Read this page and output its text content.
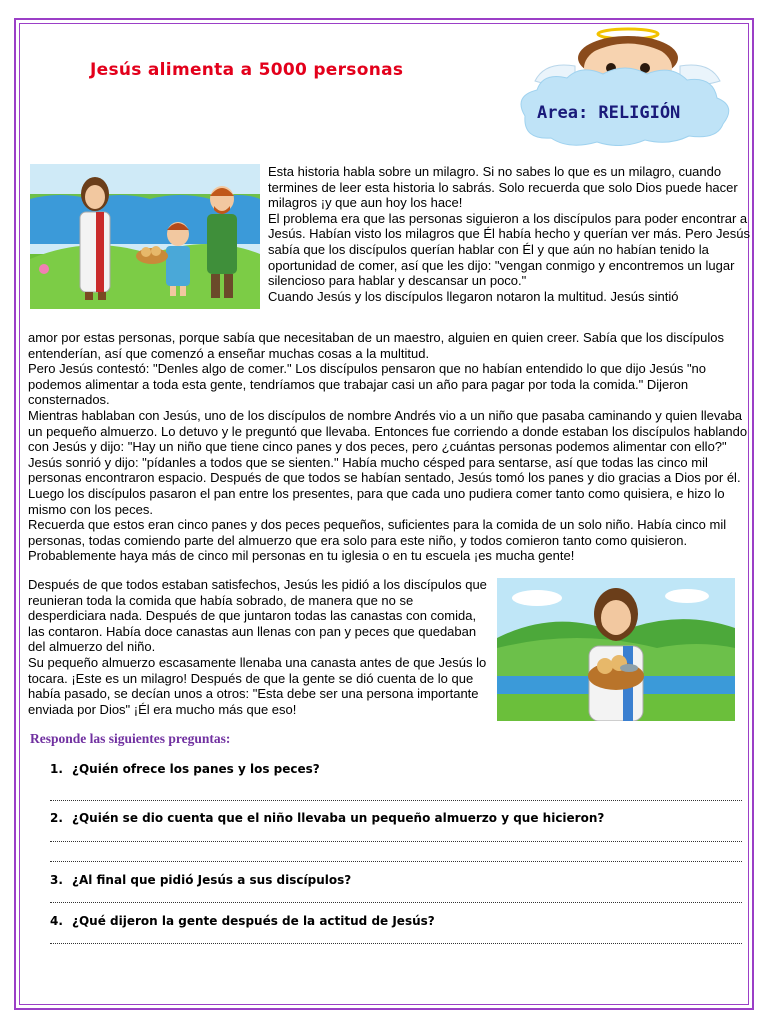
Jesús alimenta a 5000 personas
Area: RELIGIÓN

Esta historia habla sobre un milagro. Si no sabes lo que es un milagro, cuando termines de leer esta historia lo sabrás. Solo recuerda que solo Dios puede hacer milagros ¡y que aun hoy los hace!

El problema era que las personas siguieron a los discípulos para poder encontrar a Jesús. Habían visto los milagros que Él había hecho y querían ver más. Pero Jesús sabía que los discípulos querían hablar con Él y que aún no habían tenido la oportunidad de comer, así que les dijo: "vengan conmigo y encontremos un lugar silencioso para hablar y descansar un poco."

Cuando Jesús y los discípulos llegaron notaron la multitud. Jesús sintió

amor por estas personas, porque sabía que necesitaban de un maestro, alguien en quien creer. Sabía que los discípulos entenderían, así que comenzó a enseñar muchas cosas a la multitud.

Pero Jesús contestó: "Denles algo de comer." Los discípulos pensaron que no habían entendido lo que dijo Jesús "no podemos alimentar a toda esta gente, tendríamos que trabajar casi un año para pagar por toda la comida." Dijeron consternados.

Mientras hablaban con Jesús, uno de los discípulos de nombre Andrés vio a un niño que pasaba caminando y quien llevaba un pequeño almuerzo. Lo detuvo y le preguntó que llevaba. Entonces fue corriendo a donde estaban los discípulos hablando con Jesús y dijo: "Hay un niño que tiene cinco panes y dos peces, pero ¿cuántas personas podemos alimentar con ello?"

Jesús sonrió y dijo: "pídanles a todos que se sienten." Había mucho césped para sentarse, así que todas las cinco mil personas encontraron espacio. Después de que todos se habían sentado, Jesús tomó los panes y dio gracias a Dios por él. Luego los discípulos pasaron el pan entre los presentes, para que cada uno pudiera comer tanto como quisiera, e hizo lo mismo con los peces.

Recuerda que estos eran cinco panes y dos peces pequeños, suficientes para la comida de un solo niño. Había cinco mil personas, todas comiendo parte del almuerzo que era solo para este niño, y todos comieron tanto como quisieron. Probablemente haya más de cinco mil personas en tu iglesia o en tu escuela ¡es mucha gente!

Después de que todos estaban satisfechos, Jesús les pidió a los discípulos que reunieran toda la comida que había sobrado, de manera que no se desperdiciara nada. Después de que juntaron todas las canastas con comida, las contaron. Había doce canastas aun llenas con pan y peces que quedaban del almuerzo del niño.

Su pequeño almuerzo escasamente llenaba una canasta antes de que Jesús lo tocara. ¡Este es un milagro! Después de que la gente se dió cuenta de lo que había pasado, se decían unos a otros: "Esta debe ser una persona importante enviada por Dios" ¡Él era mucho más que eso!

Responde las siguientes preguntas:
1. ¿Quién ofrece los panes y los peces?
2. ¿Quién se dio cuenta que el niño llevaba un pequeño almuerzo y que hicieron?
3. ¿Al final que pidió Jesús a sus discípulos?
4. ¿Qué dijeron la gente después de la actitud de Jesús?
